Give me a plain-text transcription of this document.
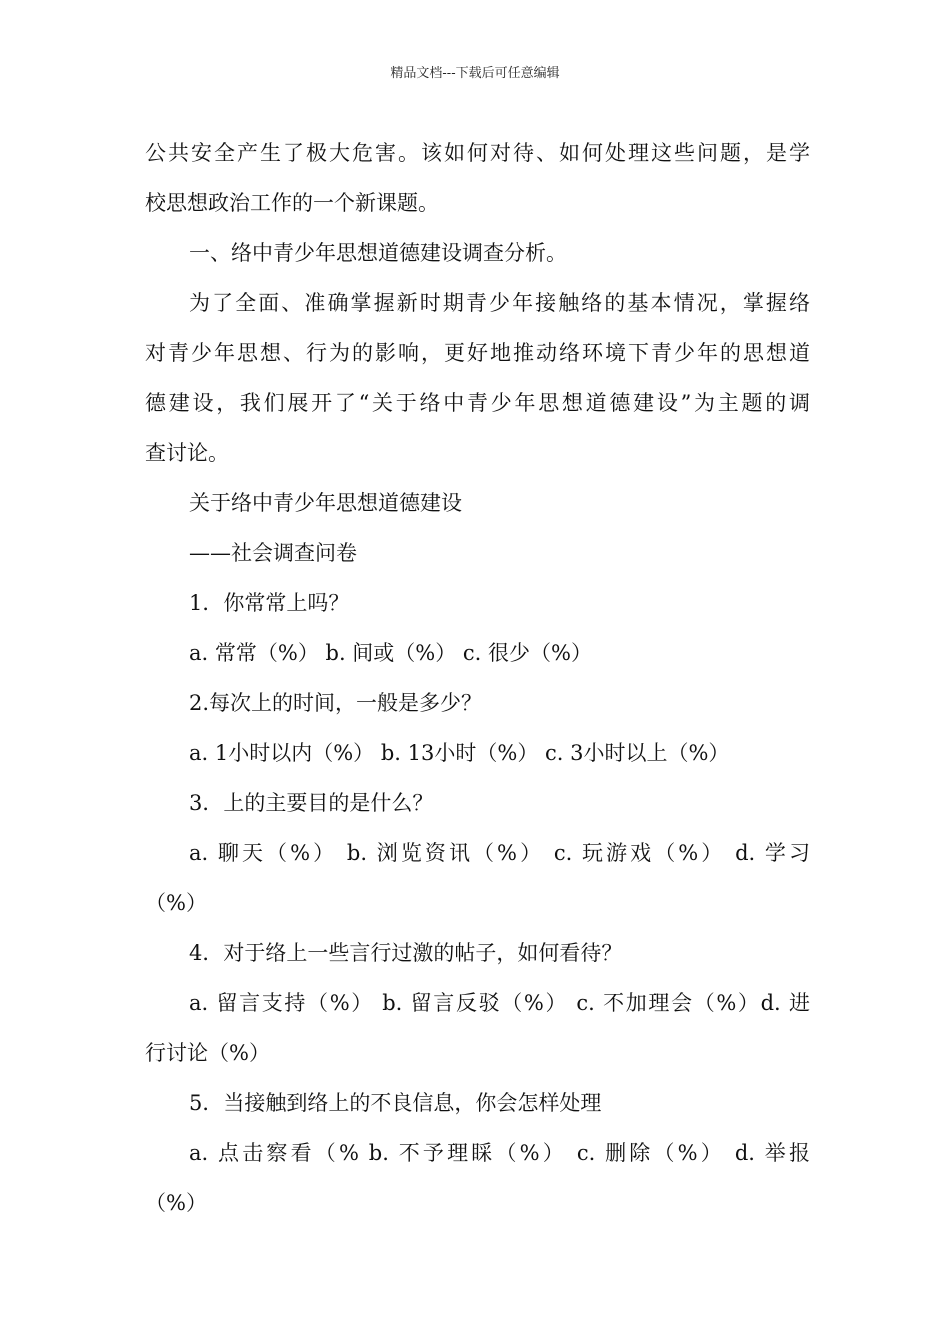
精品文档---下载后可任意编辑
公共安全产生了极大危害。该如何对待、如何处理这些问题，是学
校思想政治工作的一个新课题。
一、络中青少年思想道德建设调查分析。
为了全面、准确掌握新时期青少年接触络的基本情况，掌握络
对青少年思想、行为的影响，更好地推动络环境下青少年的思想道
德建设，我们展开了“关于络中青少年思想道德建设”为主题的调
查讨论。
关于络中青少年思想道德建设
——社会调查问卷
1．你常常上吗？
a. 常常（%） b. 间或（%） c. 很少（%）
2.每次上的时间，一般是多少？
a. 1小时以内（%） b. 13小时（%） c. 3小时以上（%）
3．上的主要目的是什么？
a. 聊天（%） b. 浏览资讯（%） c. 玩游戏（%） d. 学习
（%）
4．对于络上一些言行过激的帖子，如何看待？
a. 留言支持（%） b. 留言反驳（%） c. 不加理会（%）d. 进
行讨论（%）
5．当接触到络上的不良信息，你会怎样处理
a. 点击察看（% b. 不予理睬（%） c. 删除（%） d. 举报
（%）
